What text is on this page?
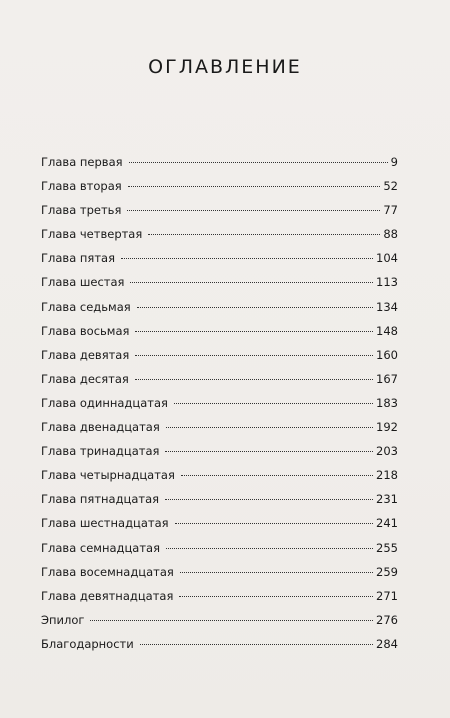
ОГЛАВЛЕНИЕ
Глава первая	9
Глава вторая	52
Глава третья	77
Глава четвертая	88
Глава пятая	104
Глава шестая	113
Глава седьмая	134
Глава восьмая	148
Глава девятая	160
Глава десятая	167
Глава одиннадцатая	183
Глава двенадцатая	192
Глава тринадцатая	203
Глава четырнадцатая	218
Глава пятнадцатая	231
Глава шестнадцатая	241
Глава семнадцатая	255
Глава восемнадцатая	259
Глава девятнадцатая	271
Эпилог	276
Благодарности	284
